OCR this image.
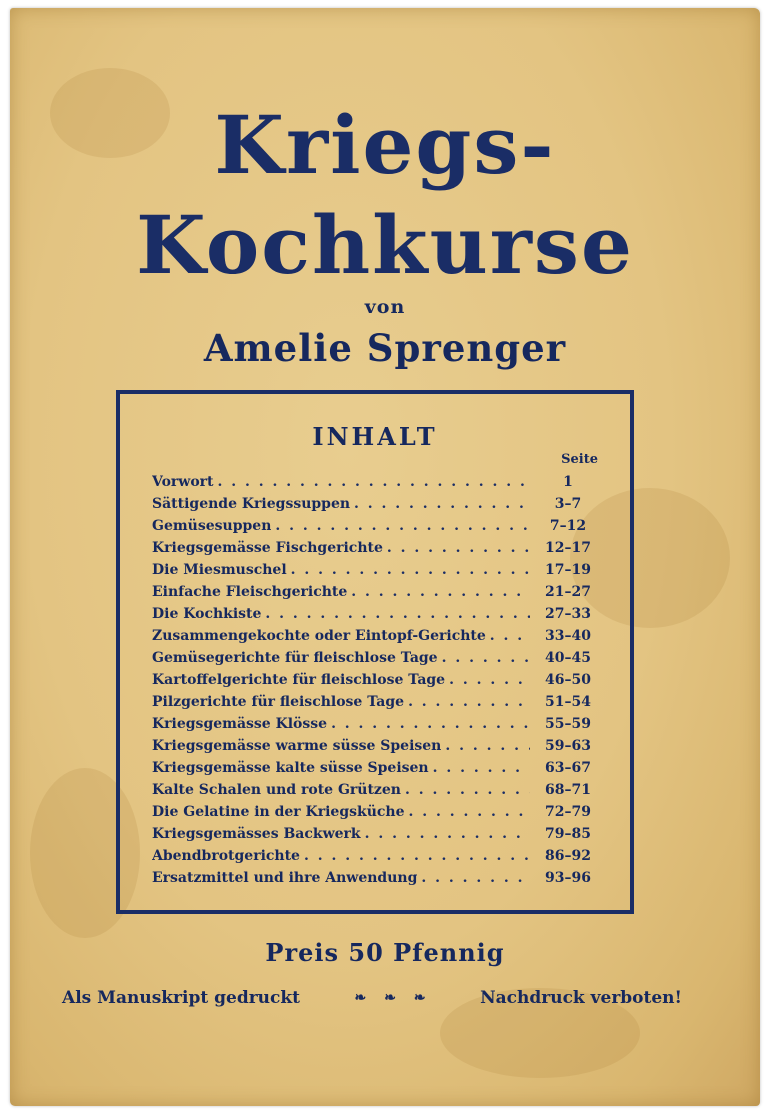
Kriegs-
Kochkurse
von
Amelie Sprenger
INHALT
Seite
Vorwort . . .	1
Sättigende Kriegssuppen . . .	3–7
Gemüsesuppen . . .	7–12
Kriegsgemässe Fischgerichte . . .	12–17
Die Miesmuschel . . .	17–19
Einfache Fleischgerichte . . .	21–27
Die Kochkiste . . .	27–33
Zusammengekochte oder Eintopf-Gerichte . . .	33–40
Gemüsegerichte für fleischlose Tage . . .	40–45
Kartoffelgerichte für fleischlose Tage . . .	46–50
Pilzgerichte für fleischlose Tage . . .	51–54
Kriegsgemässe Klösse . . .	55–59
Kriegsgemässe warme süsse Speisen . . .	59–63
Kriegsgemässe kalte süsse Speisen . . .	63–67
Kalte Schalen und rote Grützen . . .	68–71
Die Gelatine in der Kriegsküche . . .	72–79
Kriegsgemässes Backwerk . . .	79–85
Abendbrotgerichte . . .	86–92
Ersatzmittel und ihre Anwendung . . .	93–96
Preis 50 Pfennig
Als Manuskript gedruckt	❧ ❧ ❧	Nachdruck verboten!
